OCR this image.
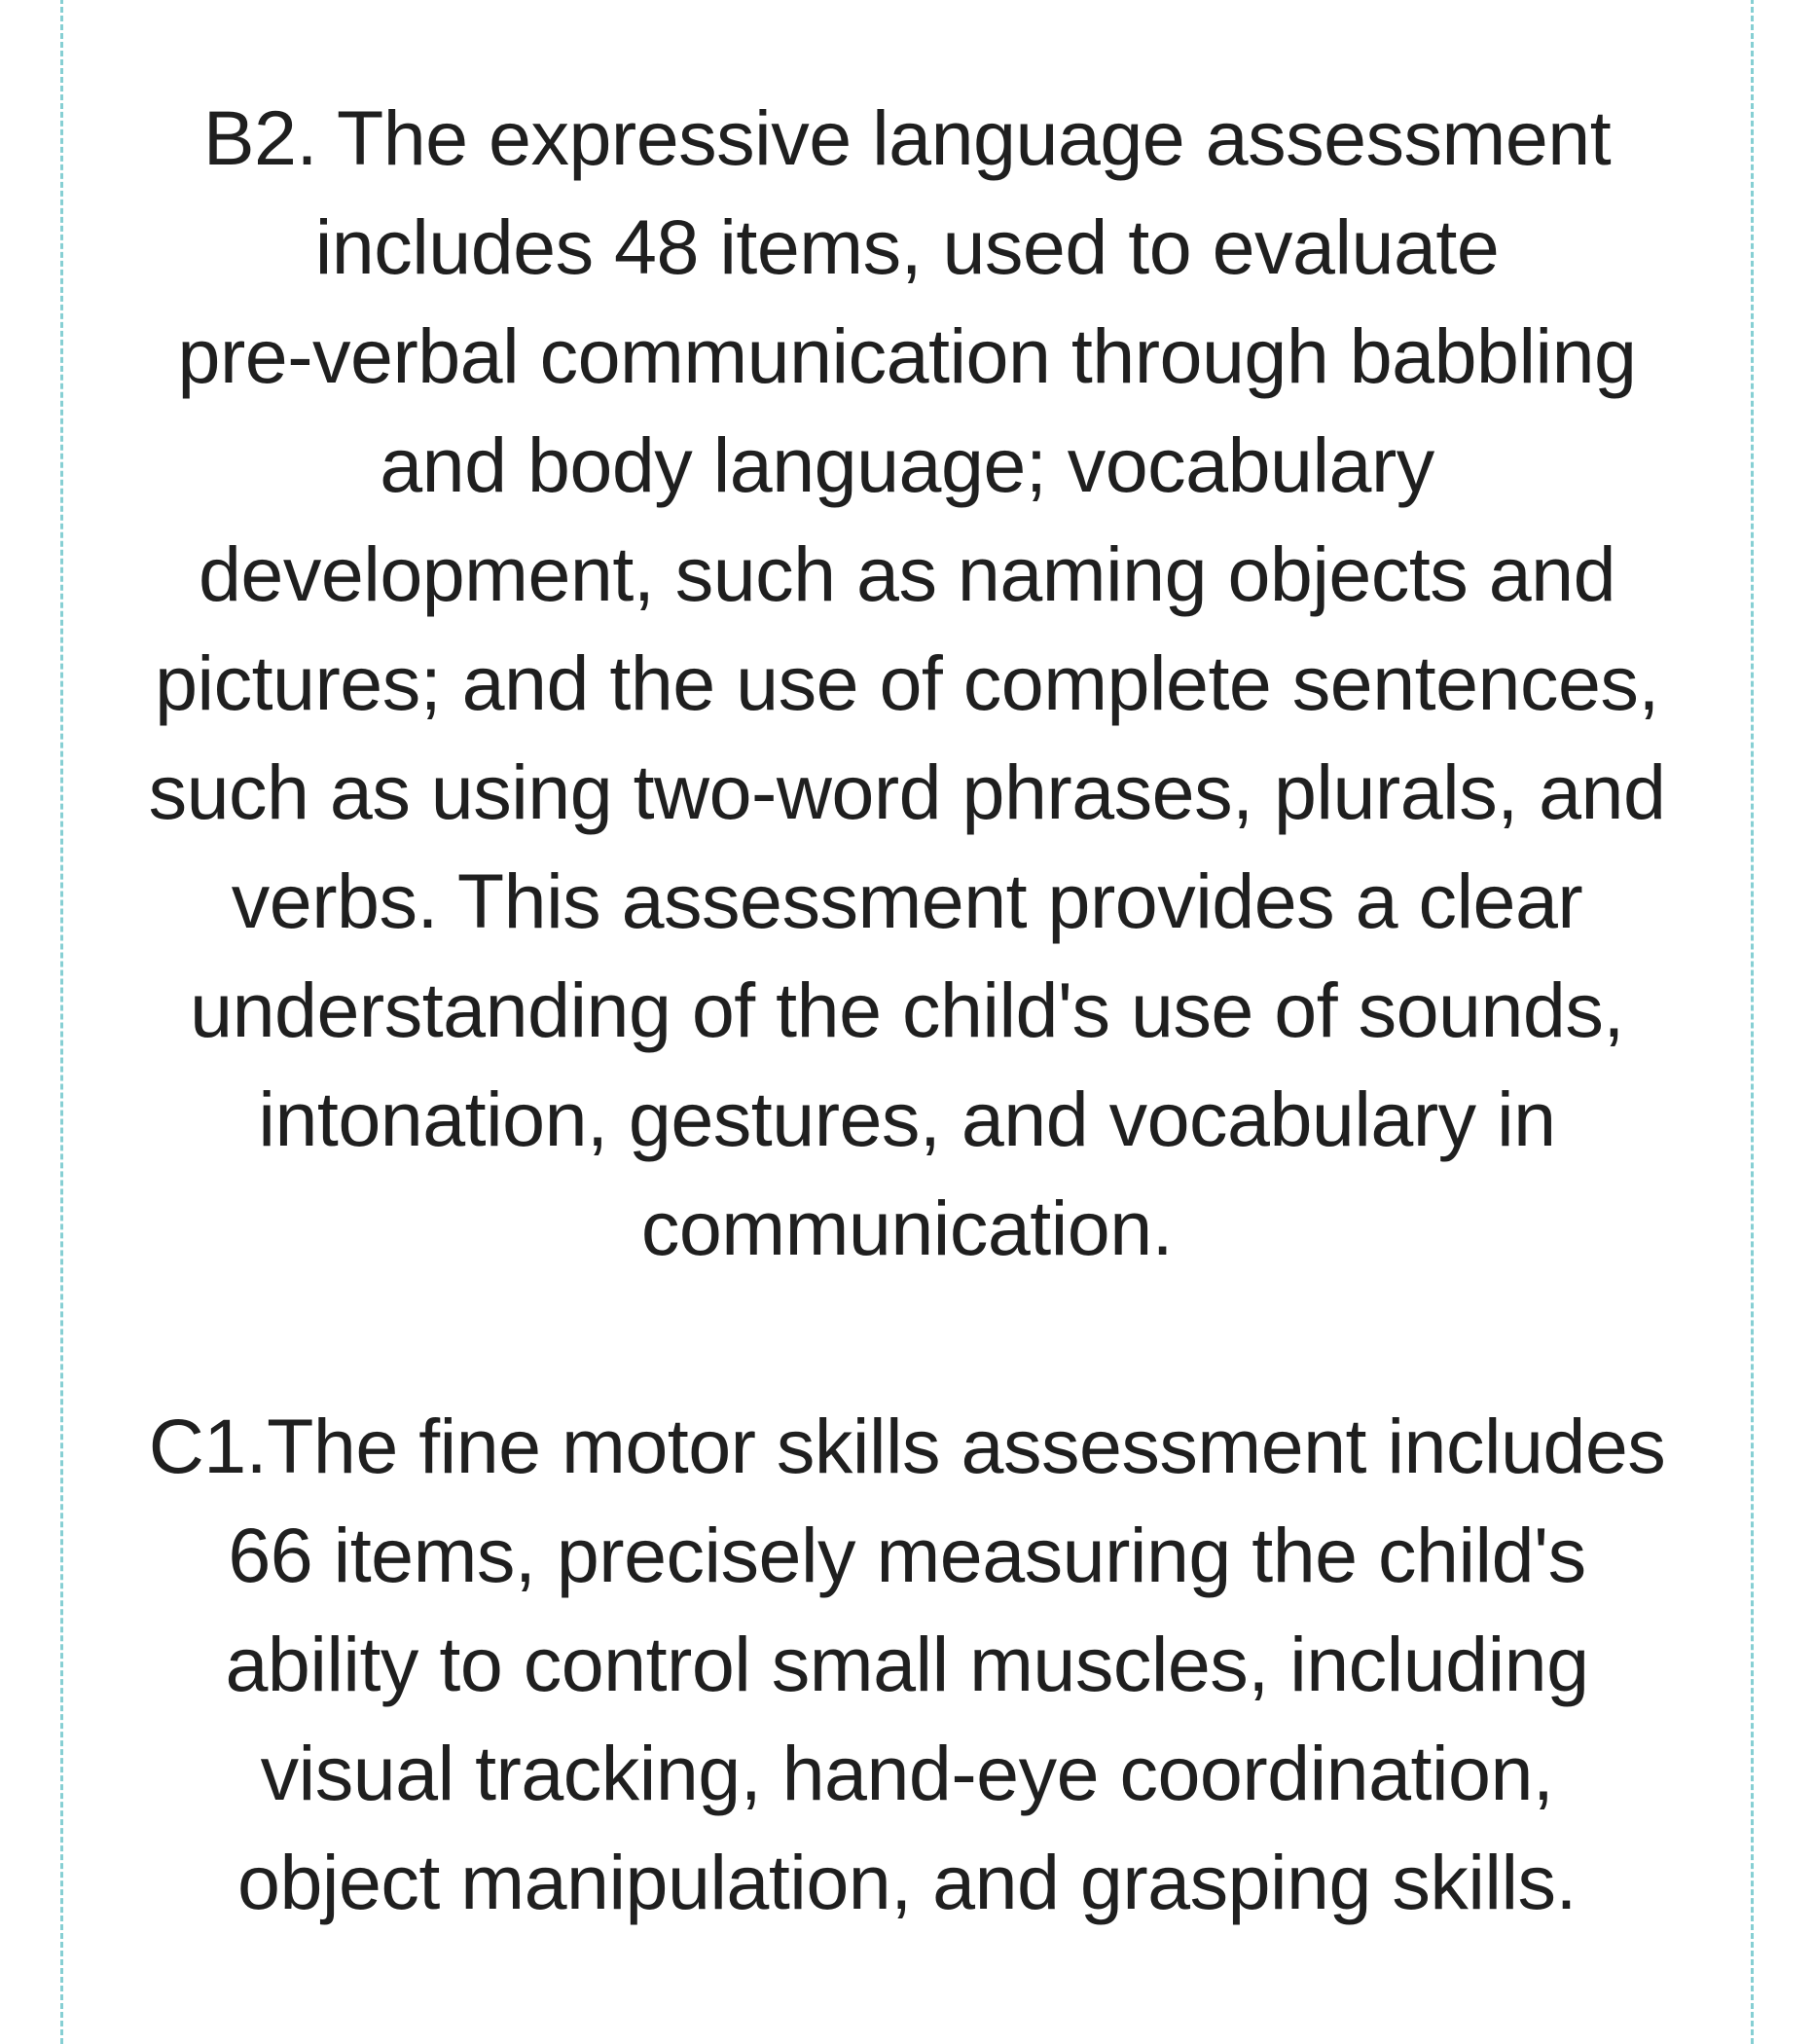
B2. The expressive language assessment
includes 48 items, used to evaluate
pre-verbal communication through babbling
and body language; vocabulary
development, such as naming objects and
pictures; and the use of complete sentences,
such as using two-word phrases, plurals, and
verbs. This assessment provides a clear
understanding of the child's use of sounds,
intonation, gestures, and vocabulary in
communication.

C1.The fine motor skills assessment includes
66 items, precisely measuring the child's
ability to control small muscles, including
visual tracking, hand-eye coordination,
object manipulation, and grasping skills.
